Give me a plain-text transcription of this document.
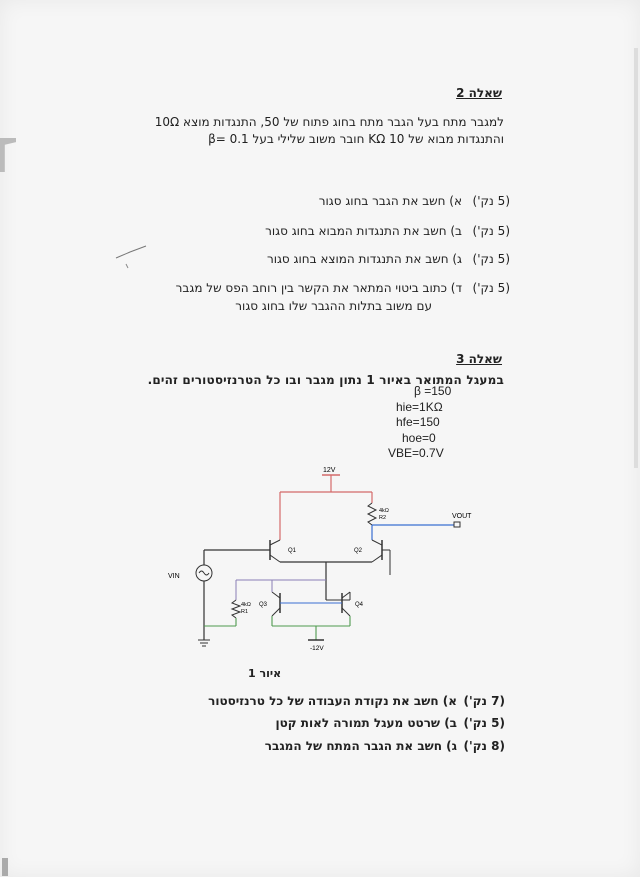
שאלה 2
למגבר מתח בעל הגבר מתח בחוג פתוח של 50, התנגדות מוצא 10Ω
והתנגדות מבוא של 10 KΩ חובר משוב שלילי בעל β= 0.1
(5 נק')
א) חשב את הגבר בחוג סגור
(5 נק')
ב) חשב את התנגדות המבוא בחוג סגור
(5 נק')
ג) חשב את התנגדות המוצא בחוג סגור
(5 נק')
ד) כתוב ביטוי המתאר את הקשר בין רוחב הפס של מגבר
עם משוב בתלות ההגבר שלו בחוג סגור
שאלה 3
במעגל המתואר באיור 1 נתון מגבר ובו כל הטרנזיסטורים זהים.
β =150
hie=1KΩ
hfe=150
hoe=0
VBE=0.7V
12V
4kΩ
R2	VOUT
Q1	Q2
VIN
4kΩ
R1
Q3	Q4
-12V
איור 1
(7 נק')
א) חשב את נקודת העבודה של כל טרנזיסטור
(5 נק')
ב) שרטט מעגל תמורה לאות קטן
(8 נק')
ג) חשב את הגבר המתח של המגבר
